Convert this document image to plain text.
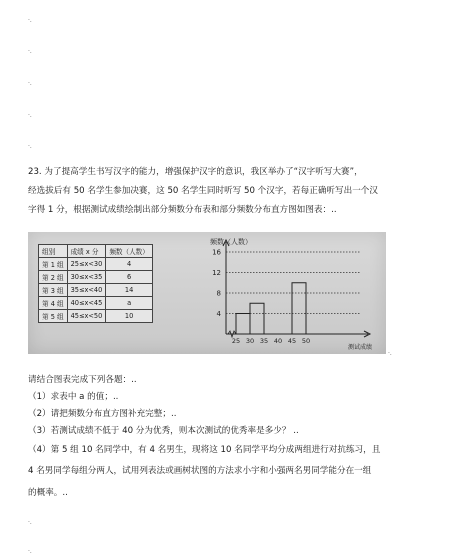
·.
·.
·.
·.
·.
23. 为了提高学生书写汉字的能力，增强保护汉字的意识，我区举办了“汉字听写大赛”，
经选拔后有 50 名学生参加决赛，这 50 名学生同时听写 50 个汉字，若每正确听写出一个汉
字得 1 分，根据测试成绩绘制出部分频数分布表和部分频数分布直方图如图表：..
组别	成绩 x 分	频数（人数）
第 1 组	25≤x<30	4
第 2 组	30≤x<35	6
第 3 组	35≤x<40	14
第 4 组	40≤x<45	a
第 5 组	45≤x<50	10
频数（人数）
测试成绩
4
8
12
16
25 30 35 40 45 50
·.
请结合图表完成下列各题：..
（1）求表中 a 的值；..
（2）请把频数分布直方图补充完整；..
（3）若测试成绩不低于 40 分为优秀，则本次测试的优秀率是多少？ ..
（4）第 5 组 10 名同学中，有 4 名男生，现将这 10 名同学平均分成两组进行对抗练习，且
4 名男同学每组分两人，试用列表法或画树状图的方法求小宇和小强两名男同学能分在一组
的概率。..
·.
·.
